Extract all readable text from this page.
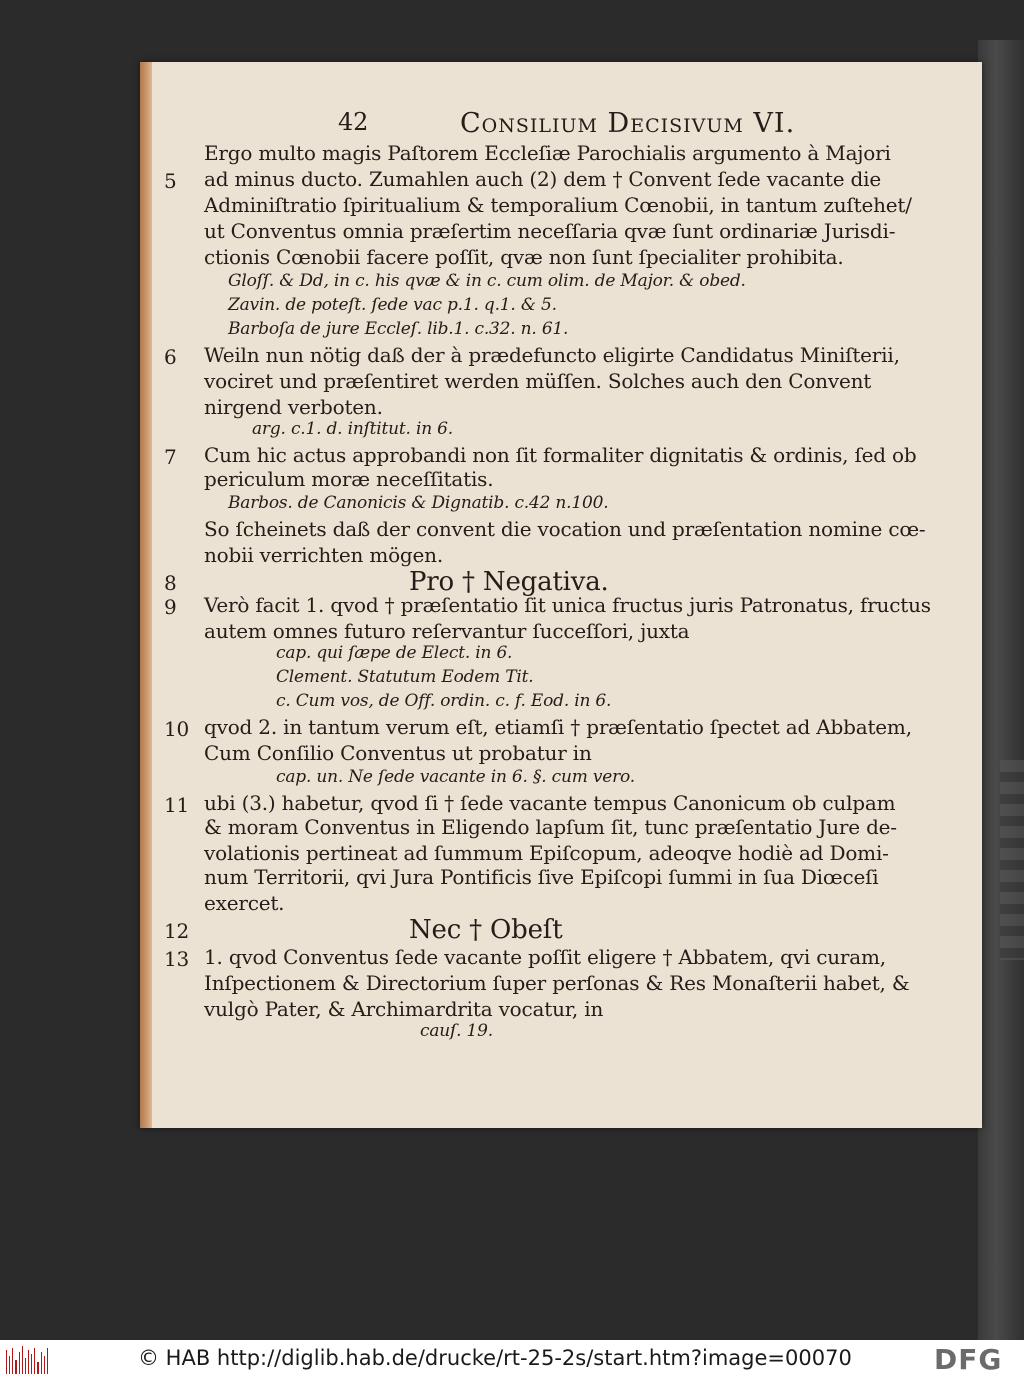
42	Consilium Decisivum VI.
Ergo multo magis Paſtorem Eccleſiæ Parochialis argumento à Majori
5 ad minus ducto. Zumahlen auch (2) dem † Convent ſede vacante die
Adminiſtratio ſpiritualium & temporalium Cœnobii, in tantum zuſtehet/
ut Conventus omnia præſertim neceſſaria qvæ ſunt ordinariæ Jurisdi-
ctionis Cœnobii facere poſſit, qvæ non ſunt ſpecialiter prohibita.
Gloſſ. & Dd, in c. his qvæ & in c. cum olim. de Major. & obed.
Zavin. de poteſt. ſede vac p.1. q.1. & 5.
Barboſa de jure Eccleſ. lib.1. c.32. n. 61.
6 Weiln nun nötig daß der à prædefuncto eligirte Candidatus Miniſterii,
vociret und præſentiret werden müſſen. Solches auch den Convent
nirgend verboten.
arg. c.1. d. inſtitut. in 6.
7 Cum hic actus approbandi non ſit formaliter dignitatis & ordinis, ſed ob
periculum moræ neceſſitatis.
Barbos. de Canonicis & Dignatib. c.42 n.100.
So ſcheinets daß der convent die vocation und præſentation nomine cœ-
nobii verrichten mögen.
8	Pro † Negativa.
9 Verò facit 1. qvod † præſentatio ſit unica fructus juris Patronatus, fructus
autem omnes futuro reſervantur ſucceſſori, juxta
cap. qui ſæpe de Elect. in 6.
Clement. Statutum Eodem Tit.
c. Cum vos, de Off. ordin. c. f. Eod. in 6.
10 qvod 2. in tantum verum eſt, etiamſi † præſentatio ſpectet ad Abbatem,
Cum Conſilio Conventus ut probatur in
cap. un. Ne ſede vacante in 6. §. cum vero.
11 ubi (3.) habetur, qvod ſi † ſede vacante tempus Canonicum ob culpam
& moram Conventus in Eligendo lapſum ſit, tunc præſentatio Jure de-
volationis pertineat ad ſummum Epiſcopum, adeoqve hodiè ad Domi-
num Territorii, qvi Jura Pontificis ſive Epiſcopi ſummi in ſua Diœceſi
exercet.
12	Nec † Obeſt
13 1. qvod Conventus ſede vacante poſſit eligere † Abbatem, qvi curam,
Inſpectionem & Directorium ſuper perſonas & Res Monaſterii habet, &
vulgò Pater, & Archimardrita vocatur, in
cauſ. 19.
© HAB http://diglib.hab.de/drucke/rt-25-2s/start.htm?image=00070	DFG
